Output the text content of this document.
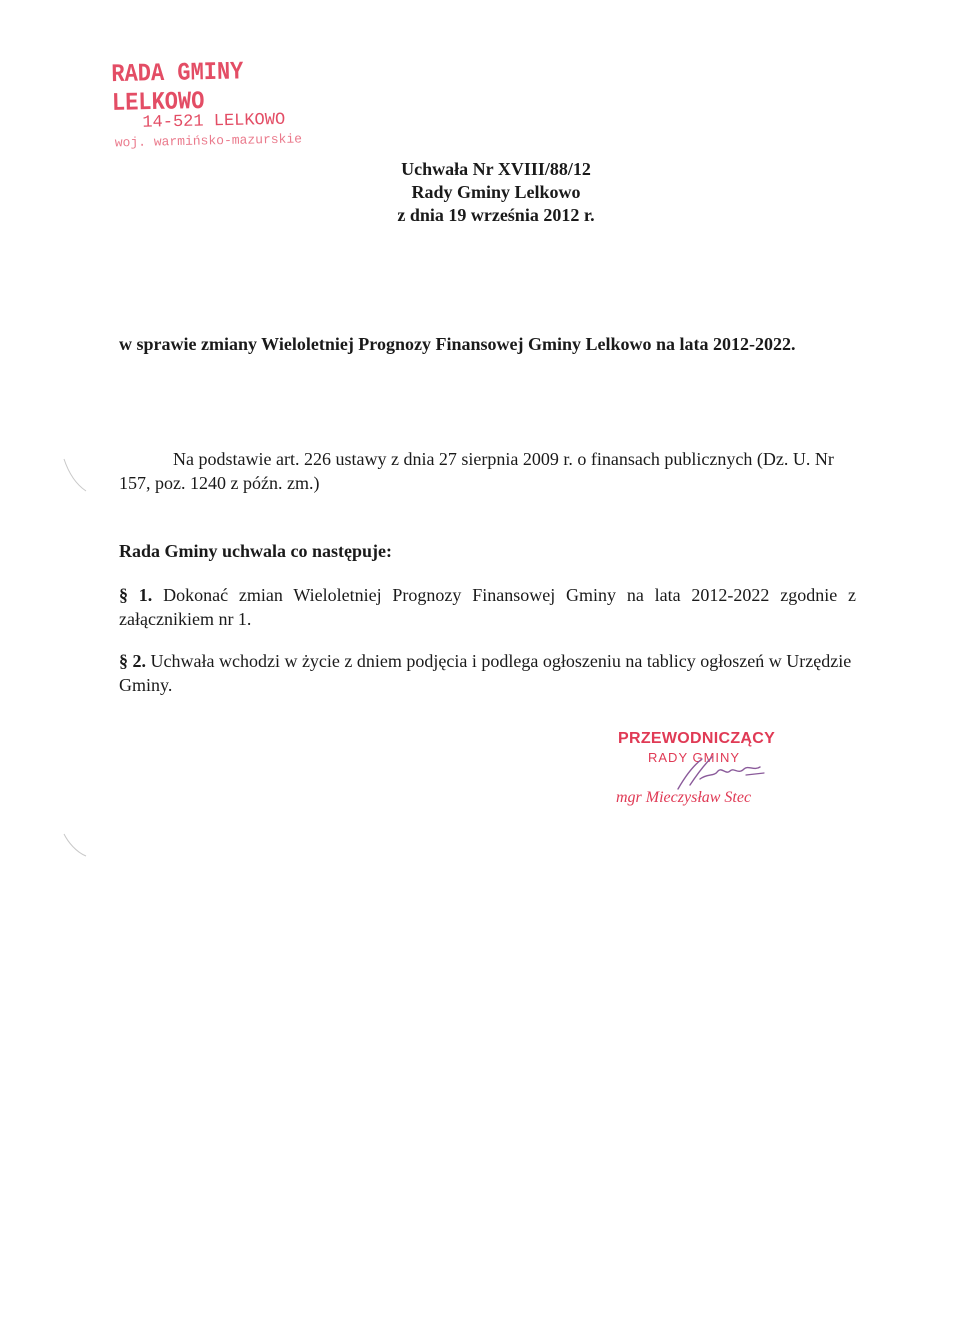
RADA GMINY LELKOWO
14-521 LELKOWO
woj. warmińsko-mazurskie
Uchwała Nr XVIII/88/12
Rady Gminy Lelkowo
z dnia 19 września 2012 r.
w sprawie zmiany Wieloletniej Prognozy Finansowej Gminy Lelkowo na lata 2012-2022.
Na podstawie art. 226 ustawy z dnia 27 sierpnia 2009 r. o finansach publicznych (Dz. U. Nr 157, poz. 1240 z późn. zm.)
Rada Gminy uchwala co następuje:
§ 1. Dokonać zmian Wieloletniej Prognozy Finansowej Gminy na lata 2012-2022 zgodnie z załącznikiem nr 1.
§ 2. Uchwała wchodzi w życie z dniem podjęcia i podlega ogłoszeniu na tablicy ogłoszeń w Urzędzie Gminy.
PRZEWODNICZĄCY
RADY GMINY
mgr Mieczysław Stec
